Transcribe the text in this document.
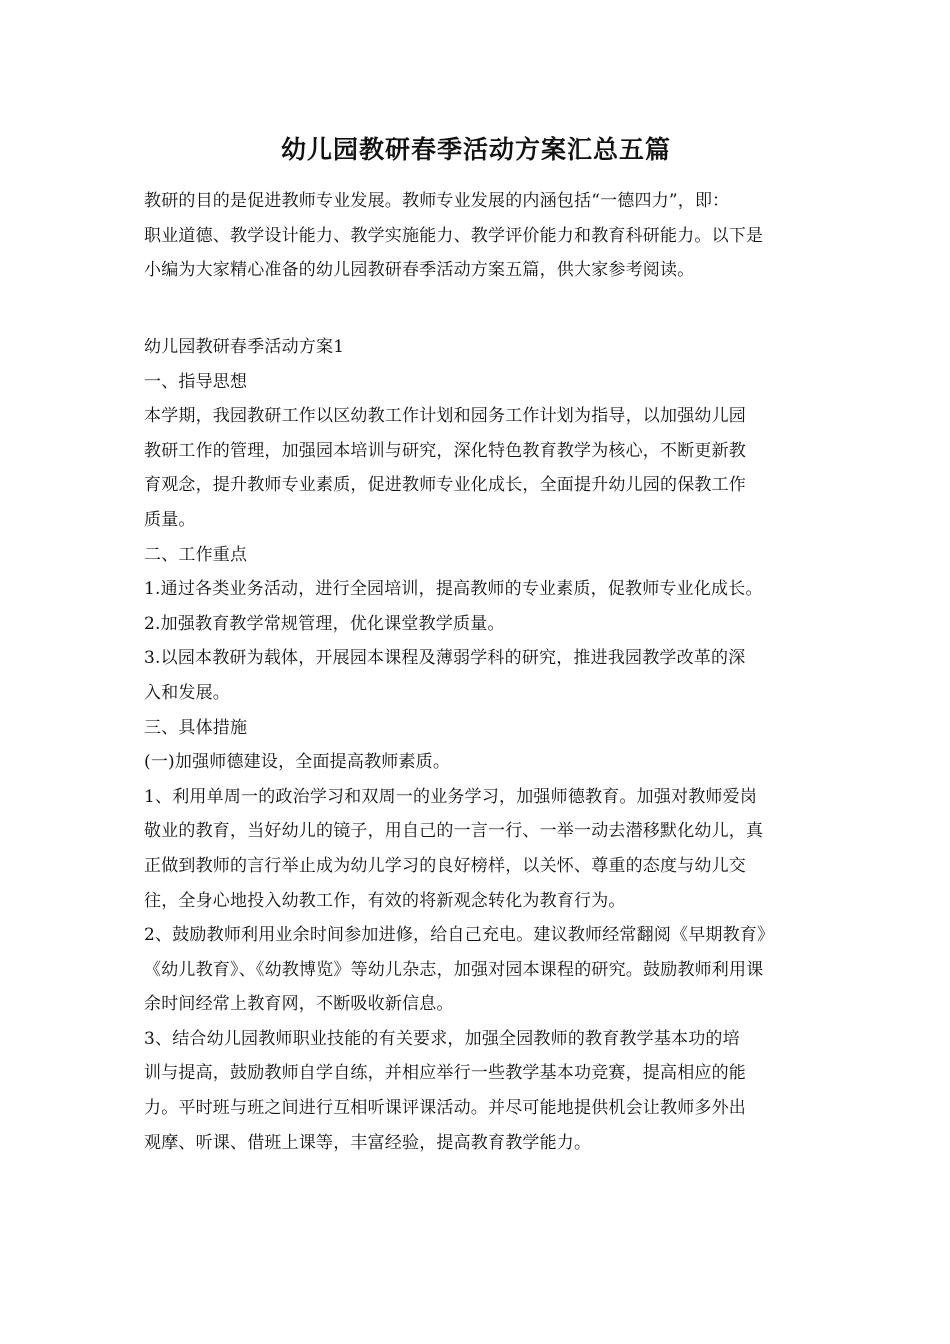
幼儿园教研春季活动方案汇总五篇

教研的目的是促进教师专业发展。教师专业发展的内涵包括“一德四力”，即：
职业道德、教学设计能力、教学实施能力、教学评价能力和教育科研能力。以下是
小编为大家精心准备的幼儿园教研春季活动方案五篇，供大家参考阅读。

幼儿园教研春季活动方案1
一、指导思想
本学期，我园教研工作以区幼教工作计划和园务工作计划为指导，以加强幼儿园
教研工作的管理，加强园本培训与研究，深化特色教育教学为核心，不断更新教
育观念，提升教师专业素质，促进教师专业化成长，全面提升幼儿园的保教工作
质量。
二、工作重点
1.通过各类业务活动，进行全园培训，提高教师的专业素质，促教师专业化成长。
2.加强教育教学常规管理，优化课堂教学质量。
3.以园本教研为载体，开展园本课程及薄弱学科的研究，推进我园教学改革的深
入和发展。
三、具体措施
(一)加强师德建设，全面提高教师素质。
1、利用单周一的政治学习和双周一的业务学习，加强师德教育。加强对教师爱岗
敬业的教育，当好幼儿的镜子，用自己的一言一行、一举一动去潜移默化幼儿，真
正做到教师的言行举止成为幼儿学习的良好榜样，以关怀、尊重的态度与幼儿交
往，全身心地投入幼教工作，有效的将新观念转化为教育行为。
2、鼓励教师利用业余时间参加进修，给自己充电。建议教师经常翻阅《早期教育》
《幼儿教育》、《幼教博览》等幼儿杂志，加强对园本课程的研究。鼓励教师利用课
余时间经常上教育网，不断吸收新信息。
3、结合幼儿园教师职业技能的有关要求，加强全园教师的教育教学基本功的培
训与提高，鼓励教师自学自练，并相应举行一些教学基本功竞赛，提高相应的能
力。平时班与班之间进行互相听课评课活动。并尽可能地提供机会让教师多外出
观摩、听课、借班上课等，丰富经验，提高教育教学能力。
